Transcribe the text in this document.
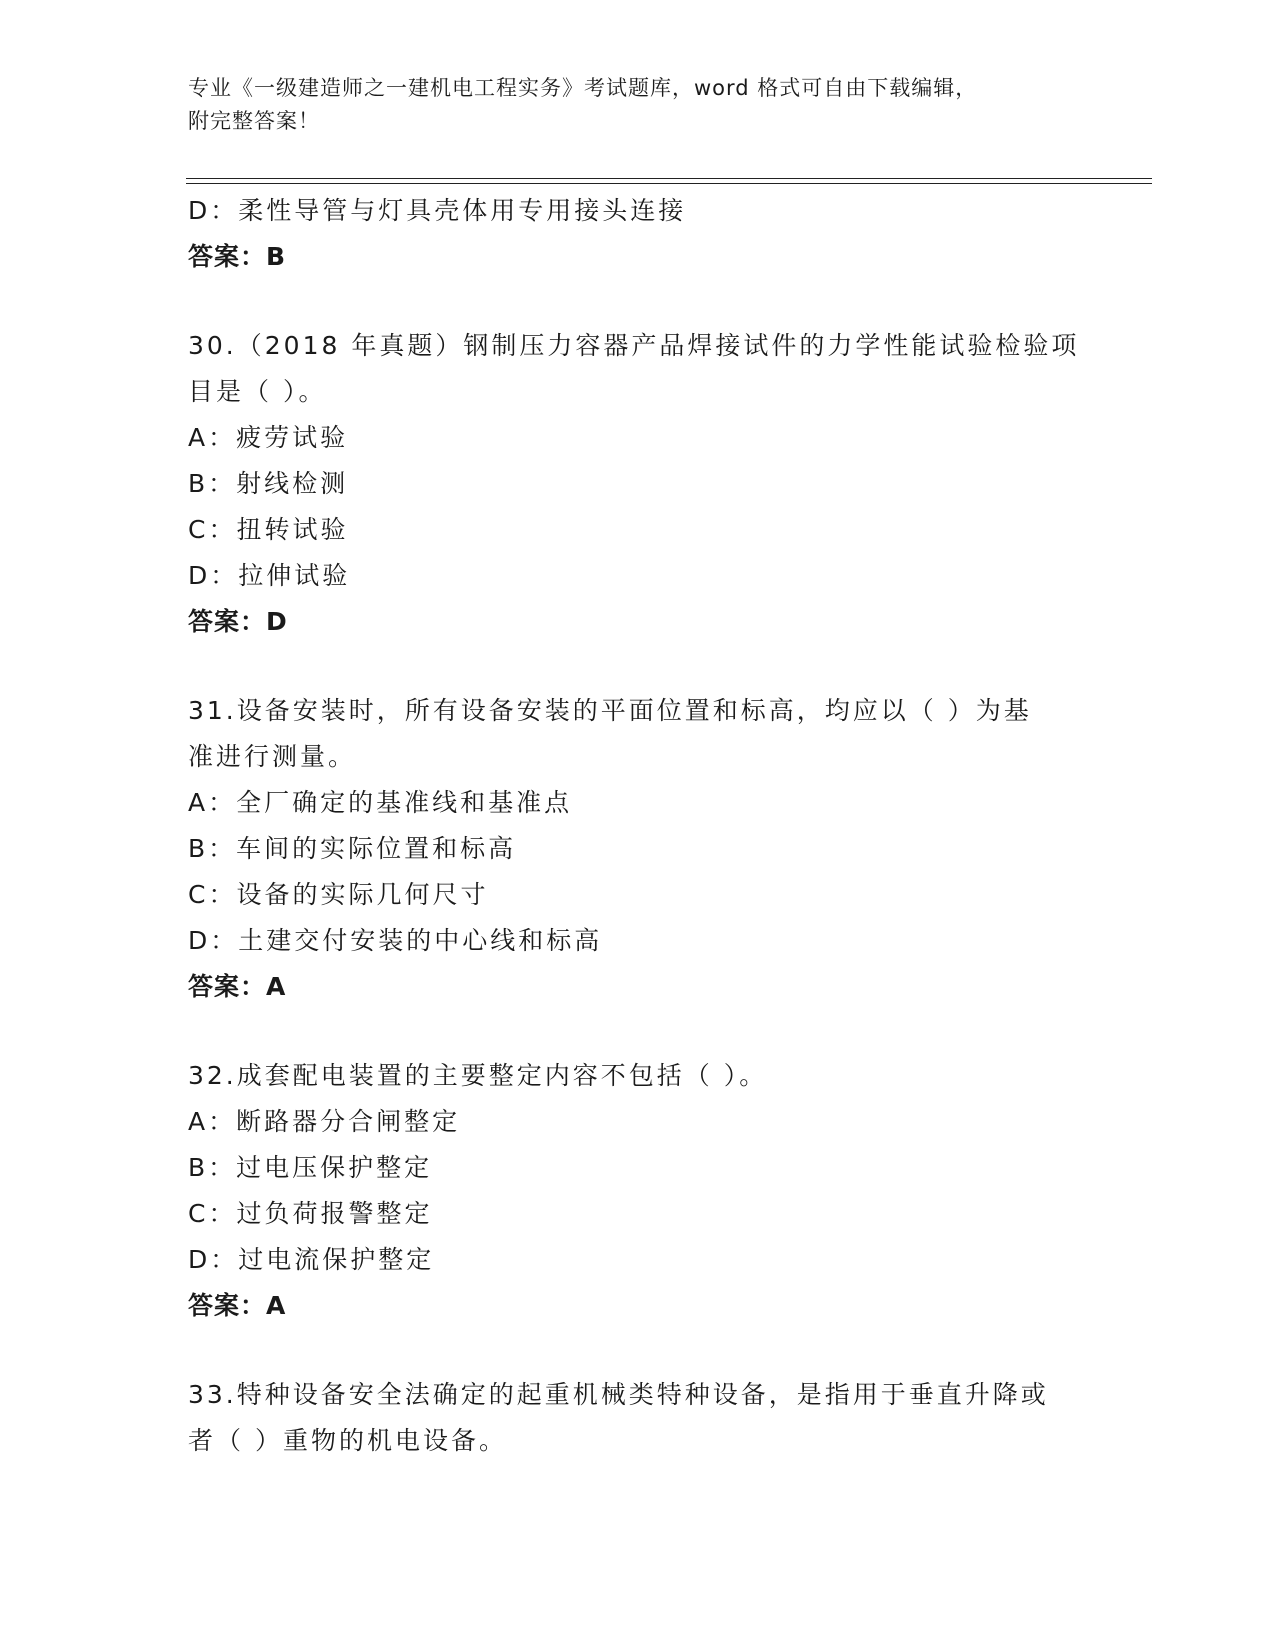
专业《一级建造师之一建机电工程实务》考试题库，word 格式可自由下载编辑，
附完整答案！
D：柔性导管与灯具壳体用专用接头连接
答案：B
30.（2018 年真题）钢制压力容器产品焊接试件的力学性能试验检验项
目是（ ）。
A：疲劳试验
B：射线检测
C：扭转试验
D：拉伸试验
答案：D
31.设备安装时，所有设备安装的平面位置和标高，均应以（ ）为基
准进行测量。
A：全厂确定的基准线和基准点
B：车间的实际位置和标高
C：设备的实际几何尺寸
D：土建交付安装的中心线和标高
答案：A
32.成套配电装置的主要整定内容不包括（ ）。
A：断路器分合闸整定
B：过电压保护整定
C：过负荷报警整定
D：过电流保护整定
答案：A
33.特种设备安全法确定的起重机械类特种设备，是指用于垂直升降或
者（ ）重物的机电设备。
